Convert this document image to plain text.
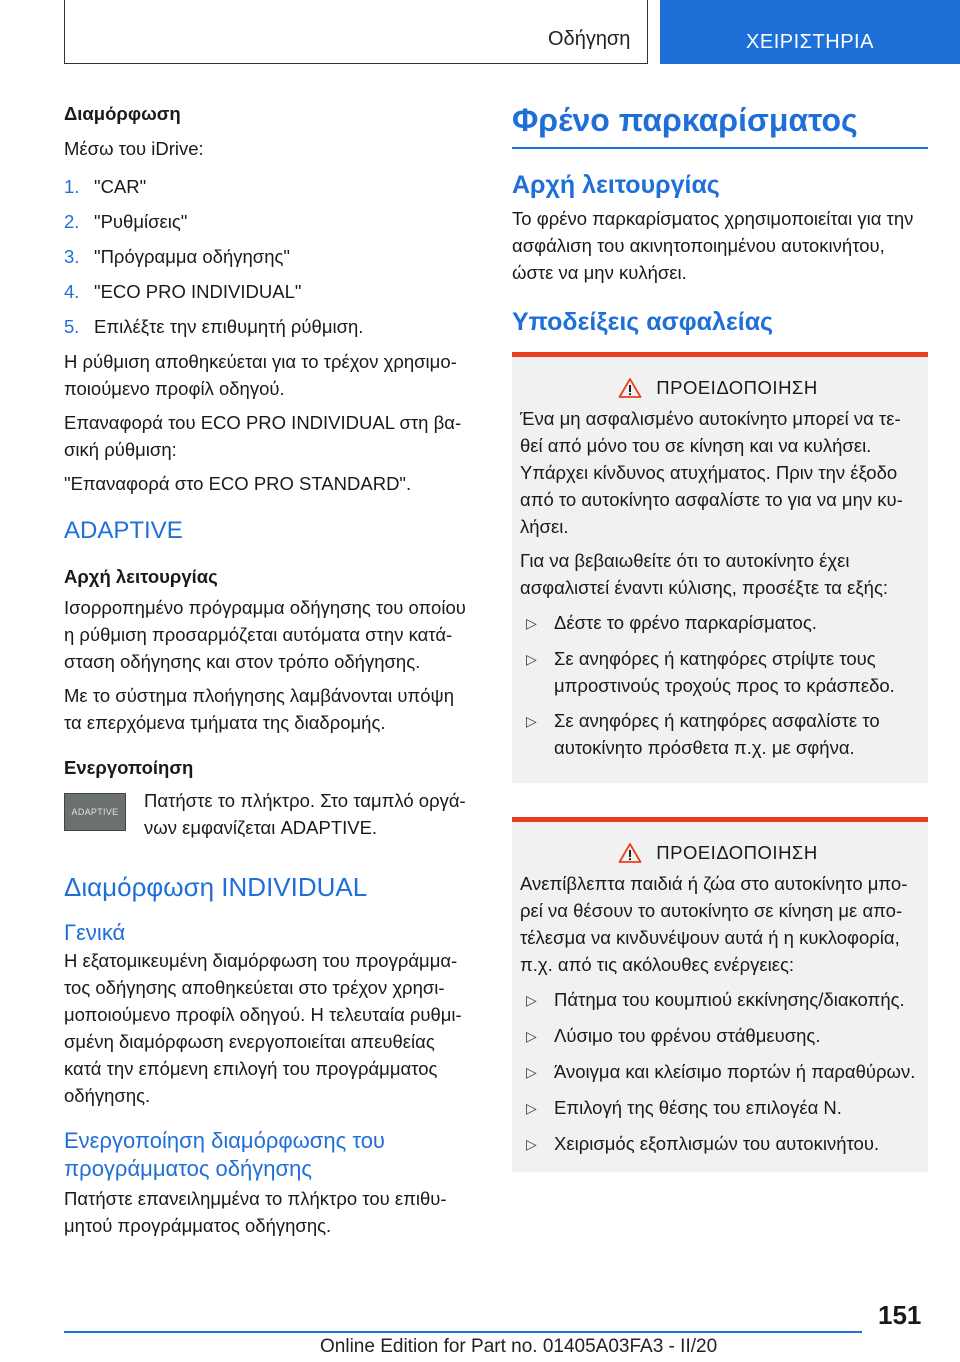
Οδήγηση	ΧΕΙΡΙΣΤΗΡΙΑ

Διαμόρφωση

Μέσω του iDrive:

1. "CAR"
2. "Ρυθμίσεις"
3. "Πρόγραμμα οδήγησης"
4. "ECO PRO INDIVIDUAL"
5. Επιλέξτε την επιθυμητή ρύθμιση.

Η ρύθμιση αποθηκεύεται για το τρέχον χρησιμοποιούμενο προφίλ οδηγού.

Επαναφορά του ECO PRO INDIVIDUAL στη βασική ρύθμιση:

"Επαναφορά στο ECO PRO STANDARD".

ADAPTIVE

Αρχή λειτουργίας

Ισορροπημένο πρόγραμμα οδήγησης του οποίου η ρύθμιση προσαρμόζεται αυτόματα στην κατάσταση οδήγησης και στον τρόπο οδήγησης.

Με το σύστημα πλοήγησης λαμβάνονται υπόψη τα επερχόμενα τμήματα της διαδρομής.

Ενεργοποίηση

ADAPTIVE

Πατήστε το πλήκτρο. Στο ταμπλό οργάνων εμφανίζεται ADAPTIVE.

Διαμόρφωση INDIVIDUAL

Γενικά

Η εξατομικευμένη διαμόρφωση του προγράμματος οδήγησης αποθηκεύεται στο τρέχον χρησιμοποιούμενο προφίλ οδηγού. Η τελευταία ρυθμισμένη διαμόρφωση ενεργοποιείται απευθείας κατά την επόμενη επιλογή του προγράμματος οδήγησης.

Ενεργοποίηση διαμόρφωσης του προγράμματος οδήγησης

Πατήστε επανειλημμένα το πλήκτρο του επιθυμητού προγράμματος οδήγησης.

Φρένο παρκαρίσματος

Αρχή λειτουργίας

Το φρένο παρκαρίσματος χρησιμοποιείται για την ασφάλιση του ακινητοποιημένου αυτοκινήτου, ώστε να μην κυλήσει.

Υποδείξεις ασφαλείας

ΠΡΟΕΙΔΟΠΟΙΗΣΗ

Ένα μη ασφαλισμένο αυτοκίνητο μπορεί να τεθεί από μόνο του σε κίνηση και να κυλήσει. Υπάρχει κίνδυνος ατυχήματος. Πριν την έξοδο από το αυτοκίνητο ασφαλίστε το για να μην κυλήσει.

Για να βεβαιωθείτε ότι το αυτοκίνητο έχει ασφαλιστεί έναντι κύλισης, προσέξτε τα εξής:

▷ Δέστε το φρένο παρκαρίσματος.
▷ Σε ανηφόρες ή κατηφόρες στρίψτε τους μπροστινούς τροχούς προς το κράσπεδο.
▷ Σε ανηφόρες ή κατηφόρες ασφαλίστε το αυτοκίνητο πρόσθετα π.χ. με σφήνα.
ΠΡΟΕΙΔΟΠΟΙΗΣΗ

Ανεπίβλεπτα παιδιά ή ζώα στο αυτοκίνητο μπορεί να θέσουν το αυτοκίνητο σε κίνηση με αποτέλεσμα να κινδυνέψουν αυτά ή η κυκλοφορία, π.χ. από τις ακόλουθες ενέργειες:

▷ Πάτημα του κουμπιού εκκίνησης/διακοπής.
▷ Λύσιμο του φρένου στάθμευσης.
▷ Άνοιγμα και κλείσιμο πορτών ή παραθύρων.
▷ Επιλογή της θέσης του επιλογέα N.
▷ Χειρισμός εξοπλισμών του αυτοκινήτου.
151
Online Edition for Part no. 01405A03FA3 - II/20
